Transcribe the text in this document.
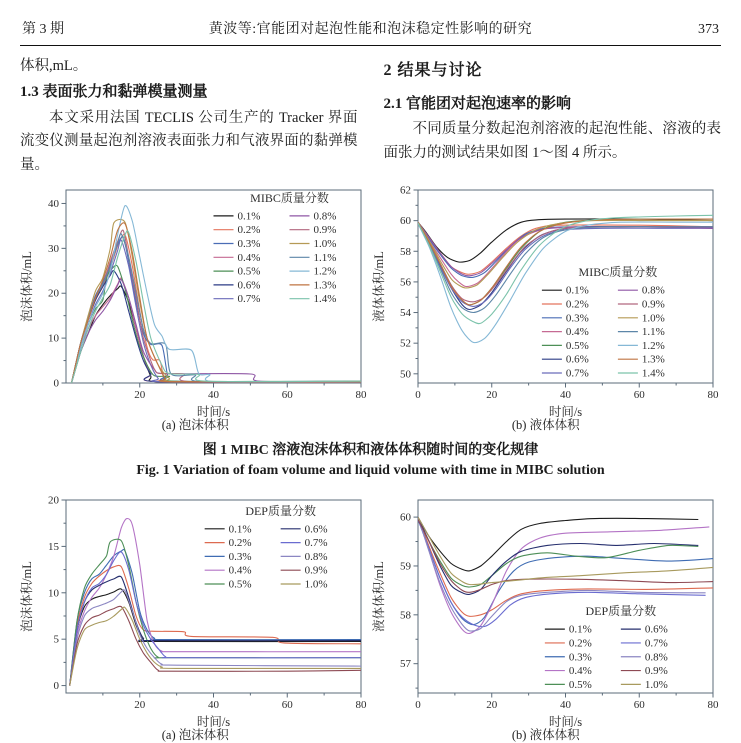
第 3 期	黄波等:官能团对起泡性能和泡沫稳定性影响的研究	373

体积,mL。

1.3 表面张力和黏弹模量测量

本文采用法国 TECLIS 公司生产的 Tracker 界面流变仪测量起泡剂溶液表面张力和气液界面的黏弹模量。

2 结果与讨论
2.1 官能团对起泡速率的影响

不同质量分数起泡剂溶液的起泡性能、溶液的表面张力的测试结果如图 1～图 4 所示。

20	40	60	80
0
10
20
30
40
时间/s
泡沫体积/mL
MIBC质量分数
0.1%
0.2%
0.3%
0.4%
0.5%
0.6%
0.7%
0.8%
0.9%
1.0%
1.1%
1.2%
1.3%
1.4%
0	20	40	60	80
50
52
54
56
58
60
62
时间/s
液体体积/mL	MIBC质量分数
0.1%
0.2%
0.3%
0.4%
0.5%
0.6%
0.7%
0.8%
0.9%
1.0%
1.1%
1.2%
1.3%
1.4%
(a) 泡沫体积	(b) 液体体积
图 1 MIBC 溶液泡沫体积和液体体积随时间的变化规律
Fig. 1 Variation of foam volume and liquid volume with time in MIBC solution
20	40	60	80
0
5
10
15
20
时间/s
泡沫体积/mL
DEP质量分数
0.1%
0.2%
0.3%
0.4%
0.5%
0.6%
0.7%
0.8%
0.9%
1.0%
0	20	40	60	80
57
58
59
60
时间/s
液体体积/mL	DEP质量分数
0.1%
0.2%
0.3%
0.4%
0.5%
0.6%
0.7%
0.8%
0.9%
1.0%
(a) 泡沫体积	(b) 液体体积
